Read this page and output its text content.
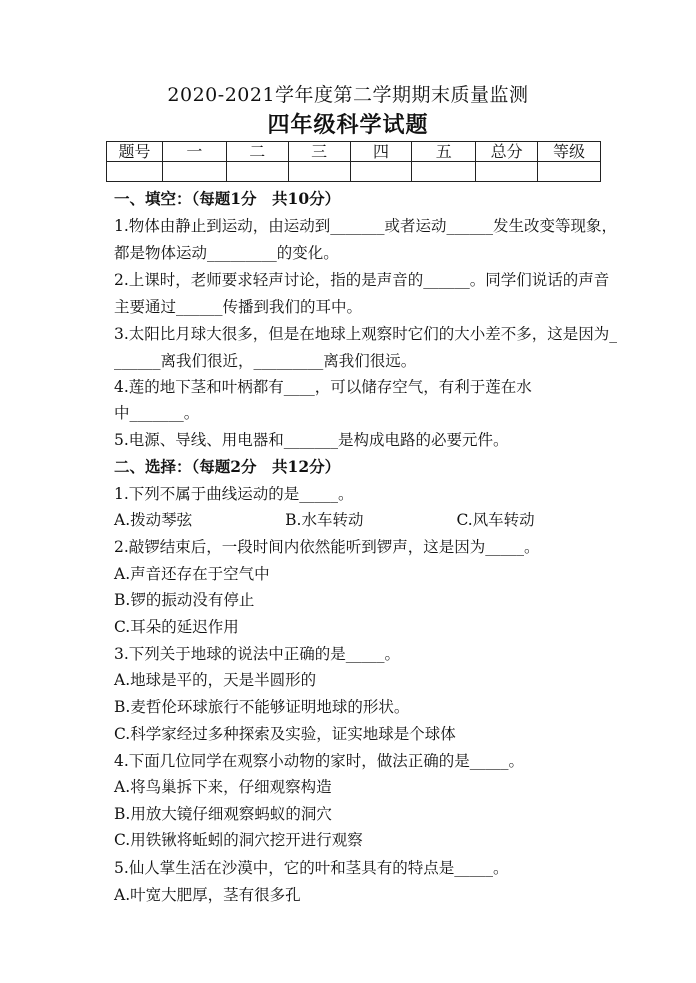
2020-2021学年度第二学期期末质量监测
四年级科学试题
题号	一	二	三	四	五	总分	等级

一、填空：（每题1分　共10分）
1.物体由静止到运动，由运动到_______或者运动______发生改变等现象，
都是物体运动_________的变化。
2.上课时，老师要求轻声讨论，指的是声音的______。同学们说话的声音
主要通过______传播到我们的耳中。
3.太阳比月球大很多，但是在地球上观察时它们的大小差不多，这是因为_
______离我们很近，_________离我们很远。
4.莲的地下茎和叶柄都有____，可以储存空气，有利于莲在水
中_______。
5.电源、导线、用电器和_______是构成电路的必要元件。
二、选择：（每题2分　共12分）
1.下列不属于曲线运动的是_____。
A.拨动琴弦　　　　　　B.水车转动　　　　　　C.风车转动
2.敲锣结束后，一段时间内依然能听到锣声，这是因为_____。
A.声音还存在于空气中
B.锣的振动没有停止
C.耳朵的延迟作用
3.下列关于地球的说法中正确的是_____。
A.地球是平的，天是半圆形的
B.麦哲伦环球旅行不能够证明地球的形状。
C.科学家经过多种探索及实验，证实地球是个球体
4.下面几位同学在观察小动物的家时，做法正确的是_____。
A.将鸟巢拆下来，仔细观察构造
B.用放大镜仔细观察蚂蚁的洞穴
C.用铁锹将蚯蚓的洞穴挖开进行观察
5.仙人掌生活在沙漠中，它的叶和茎具有的特点是_____。
A.叶宽大肥厚，茎有很多孔
